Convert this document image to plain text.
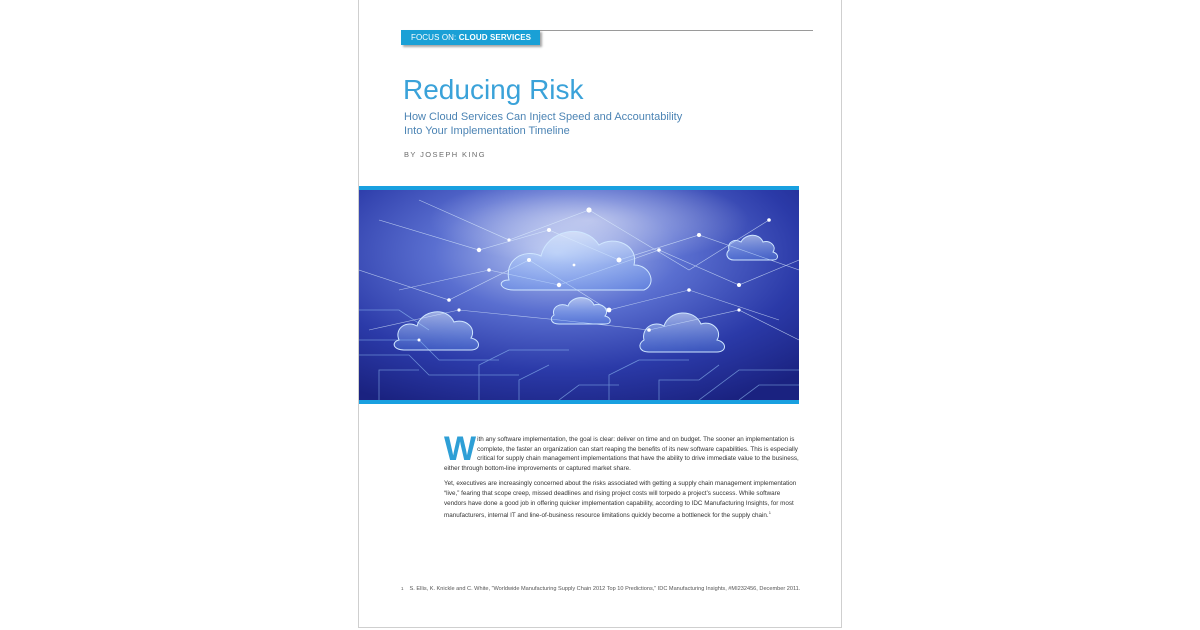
FOCUS ON: CLOUD SERVICES
Reducing Risk
How Cloud Services Can Inject Speed and Accountability
Into Your Implementation Timeline
BY JOSEPH KING

With any software implementation, the goal is clear: deliver on time and on budget. The sooner an implementation is complete, the faster an organization can start reaping the benefits of its new software capabilities. This is especially critical for supply chain management implementations that have the ability to drive immediate value to the business, either through bottom-line improvements or captured market share.

Yet, executives are increasingly concerned about the risks associated with getting a supply chain management implementation “live,” fearing that scope creep, missed deadlines and rising project costs will torpedo a project’s success. While software vendors have done a good job in offering quicker implementation capability, according to IDC Manufacturing Insights, for most manufacturers, internal IT and line-of-business resource limitations quickly become a bottleneck for the supply chain.$^1$

$^1$ S. Ellis, K. Knickle and C. White, “Worldwide Manufacturing Supply Chain 2012 Top 10 Predictions,” IDC Manufacturing Insights, #MI232456, December 2011.
